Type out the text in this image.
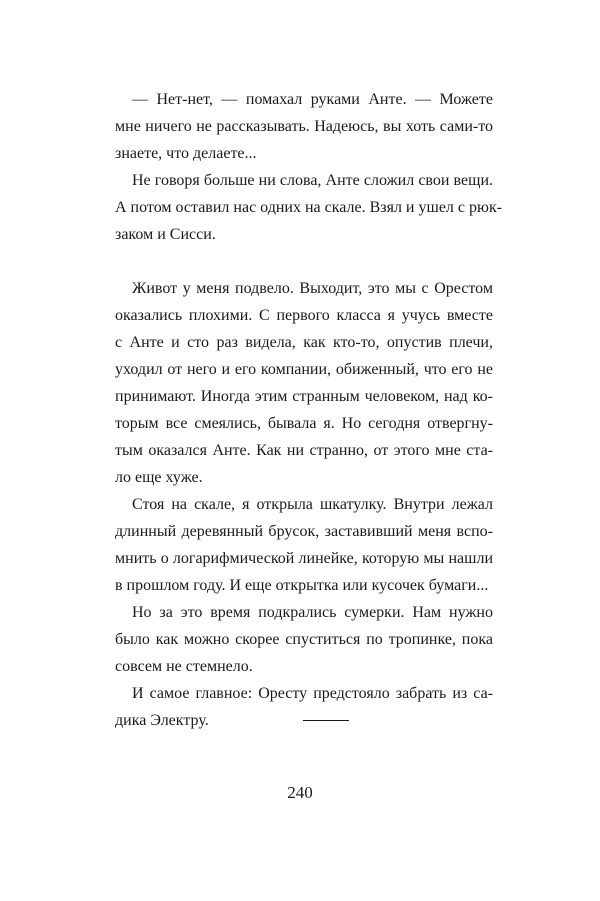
— Нет-нет, — помахал руками Анте. — Можете
мне ничего не рассказывать. Надеюсь, вы хоть сами-то
знаете, что делаете...
Не говоря больше ни слова, Анте сложил свои вещи.
А потом оставил нас одних на скале. Взял и ушел с рюк-
заком и Сисси.
Живот у меня подвело. Выходит, это мы с Орестом
оказались плохими. С первого класса я учусь вместе
с Анте и сто раз видела, как кто-то, опустив плечи,
уходил от него и его компании, обиженный, что его не
принимают. Иногда этим странным человеком, над ко-
торым все смеялись, бывала я. Но сегодня отвергну-
тым оказался Анте. Как ни странно, от этого мне ста-
ло еще хуже.
Стоя на скале, я открыла шкатулку. Внутри лежал
длинный деревянный брусок, заставивший меня вспо-
мнить о логарифмической линейке, которую мы нашли
в прошлом году. И еще открытка или кусочек бумаги...
Но за это время подкрались сумерки. Нам нужно
было как можно скорее спуститься по тропинке, пока
совсем не стемнело.
И самое главное: Оресту предстояло забрать из са-
дика Электру.
240
